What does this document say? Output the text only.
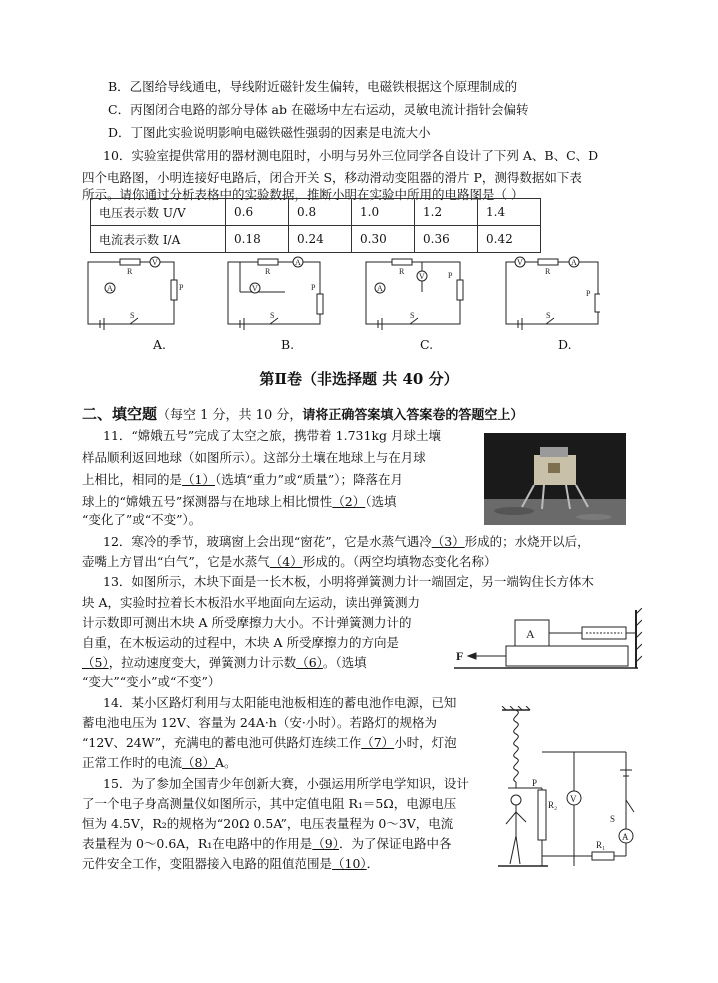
B．乙图给导线通电，导线附近磁针发生偏转，电磁铁根据这个原理制成的
C．丙图闭合电路的部分导体 ab 在磁场中左右运动，灵敏电流计指针会偏转
D．丁图此实验说明影响电磁铁磁性强弱的因素是电流大小
10．实验室提供常用的器材测电阻时，小明与另外三位同学各自设计了下列 A、B、C、D
四个电路图，小明连接好电路后，闭合开关 S，移动滑动变阻器的滑片 P，测得数据如下表
所示。请你通过分析表格中的实验数据，推断小明在实验中所用的电路图是（ ）
电压表示数 U/V	0.6	0.8	1.0	1.2	1.4
电流表示数 I/A	0.18	0.24	0.30	0.36	0.42
V
R
A	P
S
A
R
V	P
S
R
V
A
P
S
V
R
A
P
S
A.	B.	C.	D.
第Ⅱ卷（非选择题 共 40 分）
二、填空题（每空 1 分，共 10 分，请将正确答案填入答案卷的答题空上）
11．“嫦娥五号”完成了太空之旅，携带着 1.731kg 月球土壤
样品顺利返回地球（如图所示）。这部分土壤在地球上与在月球
上相比，相同的是（1）（选填“重力”或“质量”）；降落在月
球上的“嫦娥五号”探测器与在地球上相比惯性（2）（选填
“变化了”或“不变”）。
12．寒冷的季节，玻璃窗上会出现“窗花”，它是水蒸气遇冷（3）形成的；水烧开以后，
壶嘴上方冒出“白气”，它是水蒸气（4）形成的。（两空均填物态变化名称）
13．如图所示，木块下面是一长木板，小明将弹簧测力计一端固定，另一端钩住长方体木
块 A，实验时拉着长木板沿水平地面向左运动，读出弹簧测力
计示数即可测出木块 A 所受摩擦力大小。不计弹簧测力计的
自重，在木板运动的过程中，木块 A 所受摩擦力的方向是
（5），拉动速度变大，弹簧测力计示数（6）。（选填
“变大”“变小”或“不变”）
A
F
14．某小区路灯利用与太阳能电池板相连的蓄电池作电源，已知
蓄电池电压为 12V、容量为 24A·h（安·小时）。若路灯的规格为
“12V、24W”，充满电的蓄电池可供路灯连续工作（7）小时，灯泡
正常工作时的电流（8）A。
15．为了参加全国青少年创新大赛，小强运用所学电学知识，设计
了一个电子身高测量仪如图所示，其中定值电阻 R₁＝5Ω，电源电压
恒为 4.5V，R₂的规格为“20Ω 0.5A”，电压表量程为 0～3V，电流
表量程为 0～0.6A，R₁在电路中的作用是（9）．为了保证电路中各
元件安全工作，变阻器接入电路的阻值范围是（10）．
P
R₂
V
S
A
R₁
